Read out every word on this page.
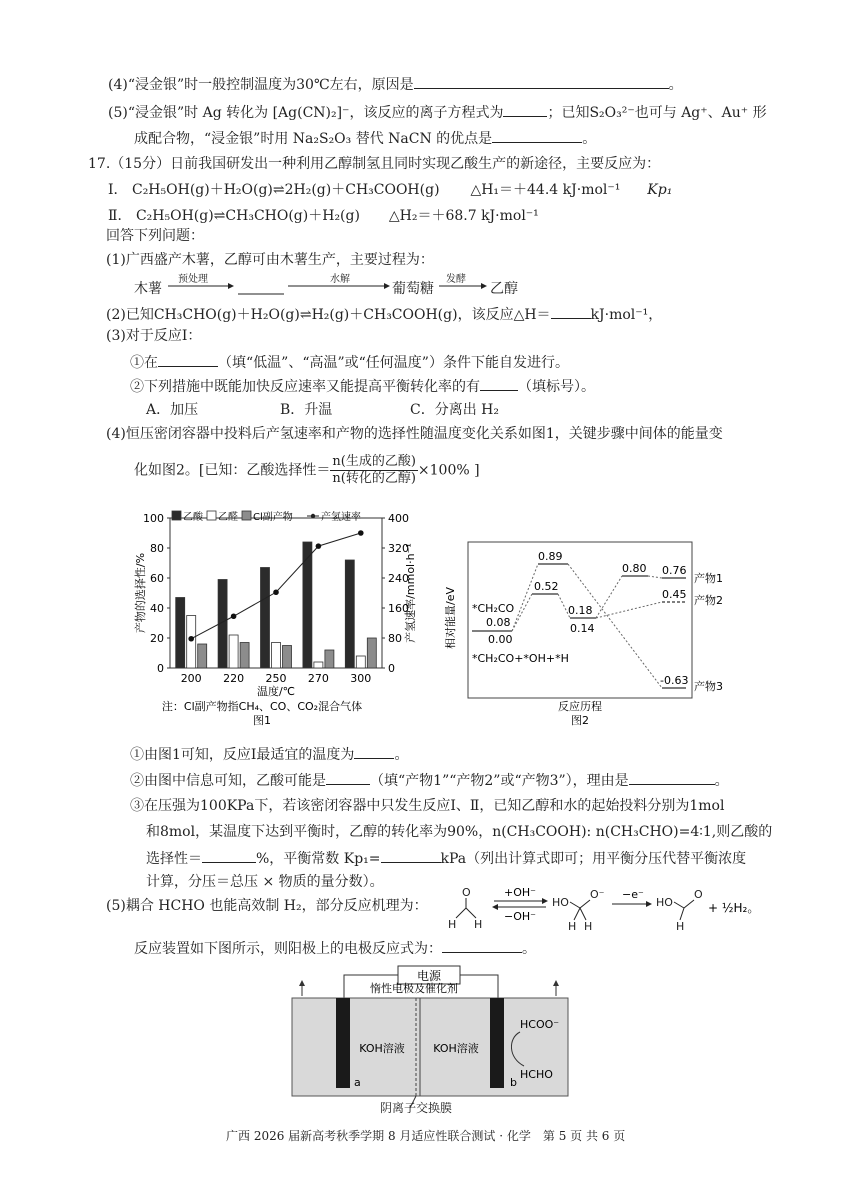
(4)“浸金银”时一般控制温度为30℃左右，原因是	。
(5)“浸金银”时 Ag 转化为 [Ag(CN)₂]⁻，该反应的离子方程式为	；已知S₂O₃²⁻也可与 Ag⁺、Au⁺ 形
成配合物，“浸金银”时用 Na₂S₂O₃ 替代 NaCN 的优点是	。
17.（15分）日前我国研发出一种利用乙醇制氢且同时实现乙酸生产的新途径，主要反应为：
Ⅰ． C₂H₅OH(g)＋H₂O(g)⇌2H₂(g)＋CH₃COOH(g) △H₁＝＋44.4 kJ·mol⁻¹ Kp₁
Ⅱ． C₂H₅OH(g)⇌CH₃CHO(g)＋H₂(g) △H₂＝＋68.7 kJ·mol⁻¹
回答下列问题：
(1)广西盛产木薯，乙醇可由木薯生产，主要过程为：
木薯
预处理	水解
葡萄糖
发酵
乙醇
(2)已知CH₃CHO(g)＋H₂O(g)⇌H₂(g)＋CH₃COOH(g)，该反应△H＝	kJ·mol⁻¹，
(3)对于反应Ⅰ：
①在	（填“低温”、“高温”或“任何温度”）条件下能自发进行。
②下列措施中既能加快反应速率又能提高平衡转化率的有	（填标号）。
A．加压	B．升温	C．分离出 H₂
(4)恒压密闭容器中投料后产氢速率和产物的选择性随温度变化关系如图1，关键步骤中间体的能量变
化如图2。[已知：乙酸选择性＝ $\frac{\text{n(生成的乙酸)}}{\text{n(转化的乙醇)}} \times 100\%$ ]
0
20
40
60
80
100
0
80
160
240
320
400
200 220 250 270 300
乙酸 乙醛 Cl副产物	产氢速率
产物的选择性/%	产氢速率/mmol·h⁻¹
温度/℃
注：Cl副产物指CH₄、CO、CO₂混合气体
图1
相对能量/eV *CH₂CO
0.08
0.00
*CH₂CO+*OH+*H
0.89
0.52
0.18
0.14
0.80 0.76
0.45
-0.63
产物1
产物2
产物3
反应历程
图2
①由图1可知，反应Ⅰ最适宜的温度为	。
②由图中信息可知，乙酸可能是	（填“产物1”“产物2”或“产物3”），理由是	。
③在压强为100KPa下，若该密闭容器中只发生反应Ⅰ、Ⅱ，已知乙醇和水的起始投料分别为1mol
和8mol，某温度下达到平衡时，乙醇的转化率为90%，n(CH₃COOH): n(CH₃CHO)=4∶1,则乙酸的
选择性＝	%，平衡常数 Kp₁=	kPa（列出计算式即可；用平衡分压代替平衡浓度
计算，分压＝总压 × 物质的量分数）。
(5)耦合 HCHO 也能高效制 H₂，部分反应机理为：
O
H H
+OH⁻
−OH⁻
HO
O⁻
H H
−e⁻
HO
O
H
+ ½H₂。
反应装置如下图所示，则阳极上的电极反应式为：	。
电源
惰性电极及催化剂
KOH溶液	KOH溶液
a	b
HCOO⁻
HCHO
阴离子交换膜
广西 2026 届新高考秋季学期 8 月适应性联合测试 · 化学　第 5 页 共 6 页
